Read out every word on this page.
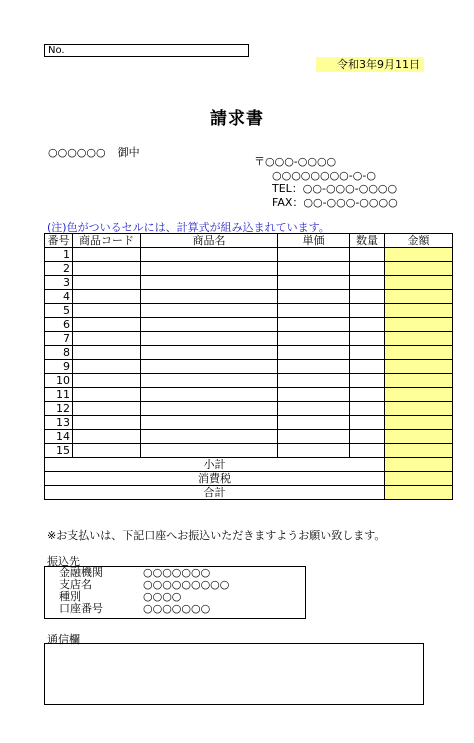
No.
令和3年9月11日
請求書
○○○○○○ 御中
〒○○○-○○○○
○○○○○○○○-○-○
TEL：○○-○○○-○○○○
FAX：○○-○○○-○○○○
(注)色がついるセルには、計算式が組み込まれています。
番号	商品コード	商品名	単価	数量	金額
1					
2					
3					
4					
5					
6					
7					
8					
9					
10					
11					
12					
13					
14					
15					
小計					
消費税					
合計					
※お支払いは、下記口座へお振込いただきますようお願い致します。
振込先
金融機関	○○○○○○○
支店名	○○○○○○○○○
種別	○○○○
口座番号	○○○○○○○
通信欄
